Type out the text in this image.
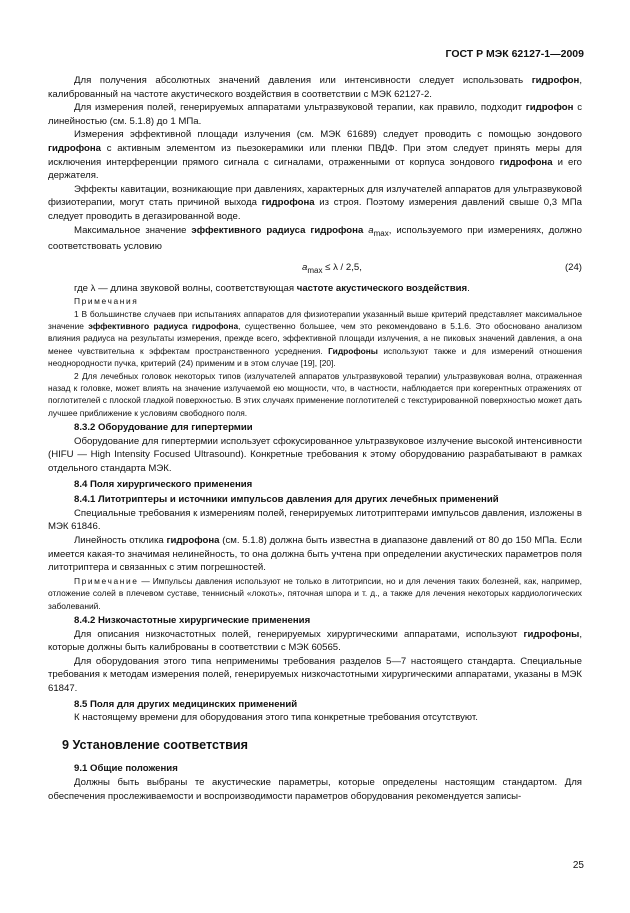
ГОСТ Р МЭК 62127-1—2009

Для получения абсолютных значений давления или интенсивности следует использовать гидрофон, калиброванный на частоте акустического воздействия в соответствии с МЭК 62127-2.

Для измерения полей, генерируемых аппаратами ультразвуковой терапии, как правило, подходит гидрофон с линейностью (см. 5.1.8) до 1 МПа.

Измерения эффективной площади излучения (см. МЭК 61689) следует проводить с помощью зондового гидрофона с активным элементом из пьезокерамики или пленки ПВДФ. При этом следует принять меры для исключения интерференции прямого сигнала с сигналами, отраженными от корпуса зондового гидрофона и его держателя.

Эффекты кавитации, возникающие при давлениях, характерных для излучателей аппаратов для ультразвуковой физиотерапии, могут стать причиной выхода гидрофона из строя. Поэтому измерения давлений свыше 0,3 МПа следует проводить в дегазированной воде.

Максимальное значение эффективного радиуса гидрофона $a_{max}$, используемого при измерениях, должно соответствовать условию

$a_{max} \le \lambda / 2,5$,	(24)

где λ — длина звуковой волны, соответствующая частоте акустического воздействия.

Примечания

1 В большинстве случаев при испытаниях аппаратов для физиотерапии указанный выше критерий представляет максимальное значение эффективного радиуса гидрофона, существенно большее, чем это рекомендовано в 5.1.6. Это обосновано анализом влияния радиуса на результаты измерения, прежде всего, эффективной площади излучения, а не пиковых значений давления, а она менее чувствительна к эффектам пространственного усреднения. Гидрофоны используют также и для измерений отношения неоднородности пучка, критерий (24) применим и в этом случае [19], [20].

2 Для лечебных головок некоторых типов (излучателей аппаратов ультразвуковой терапии) ультразвуковая волна, отраженная назад к головке, может влиять на значение излучаемой ею мощности, что, в частности, наблюдается при когерентных отражениях от поглотителей с плоской гладкой поверхностью. В этих случаях применение поглотителей с текстурированной поверхностью может дать лучшее приближение к условиям свободного поля.

8.3.2 Оборудование для гипертермии

Оборудование для гипертермии использует сфокусированное ультразвуковое излучение высокой интенсивности (HIFU — High Intensity Focused Ultrasound). Конкретные требования к этому оборудованию разрабатывают в рамках отдельного стандарта МЭК.

8.4 Поля хирургического применения
8.4.1 Литотриптеры и источники импульсов давления для других лечебных применений

Специальные требования к измерениям полей, генерируемых литотриптерами импульсов давления, изложены в МЭК 61846.

Линейность отклика гидрофона (см. 5.1.8) должна быть известна в диапазоне давлений от 80 до 150 МПа. Если имеется какая-то значимая нелинейность, то она должна быть учтена при определении акустических параметров поля литотриптера и связанных с этим погрешностей.

Примечание — Импульсы давления используют не только в литотрипсии, но и для лечения таких болезней, как, например, отложение солей в плечевом суставе, теннисный «локоть», пяточная шпора и т. д., а также для лечения некоторых кардиологических заболеваний.

8.4.2 Низкочастотные хирургические применения

Для описания низкочастотных полей, генерируемых хирургическими аппаратами, используют гидрофоны, которые должны быть калиброваны в соответствии с МЭК 60565.

Для оборудования этого типа неприменимы требования разделов 5—7 настоящего стандарта. Специальные требования к методам измерения полей, генерируемых низкочастотными хирургическими аппаратами, указаны в МЭК 61847.

8.5 Поля для других медицинских применений

К настоящему времени для оборудования этого типа конкретные требования отсутствуют.

9 Установление соответствия
9.1 Общие положения

Должны быть выбраны те акустические параметры, которые определены настоящим стандартом. Для обеспечения прослеживаемости и воспроизводимости параметров оборудования рекомендуется записы-

25
